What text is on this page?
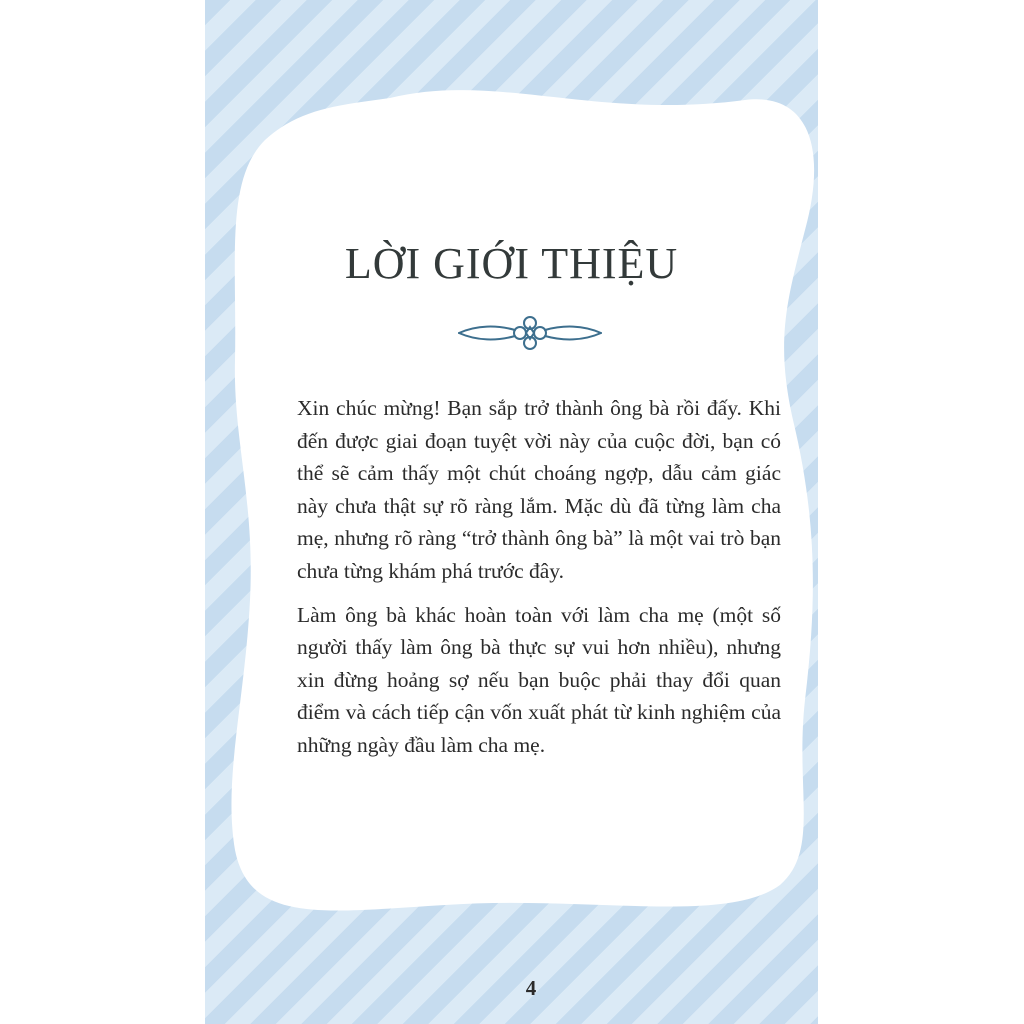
LỜI GIỚI THIỆU

Xin chúc mừng! Bạn sắp trở thành ông bà rồi đấy. Khi đến được giai đoạn tuyệt vời này của cuộc đời, bạn có thể sẽ cảm thấy một chút choáng ngợp, dẫu cảm giác này chưa thật sự rõ ràng lắm. Mặc dù đã từng làm cha mẹ, nhưng rõ ràng “trở thành ông bà” là một vai trò bạn chưa từng khám phá trước đây.

Làm ông bà khác hoàn toàn với làm cha mẹ (một số người thấy làm ông bà thực sự vui hơn nhiều), nhưng xin đừng hoảng sợ nếu bạn buộc phải thay đổi quan điểm và cách tiếp cận vốn xuất phát từ kinh nghiệm của những ngày đầu làm cha mẹ.

4
